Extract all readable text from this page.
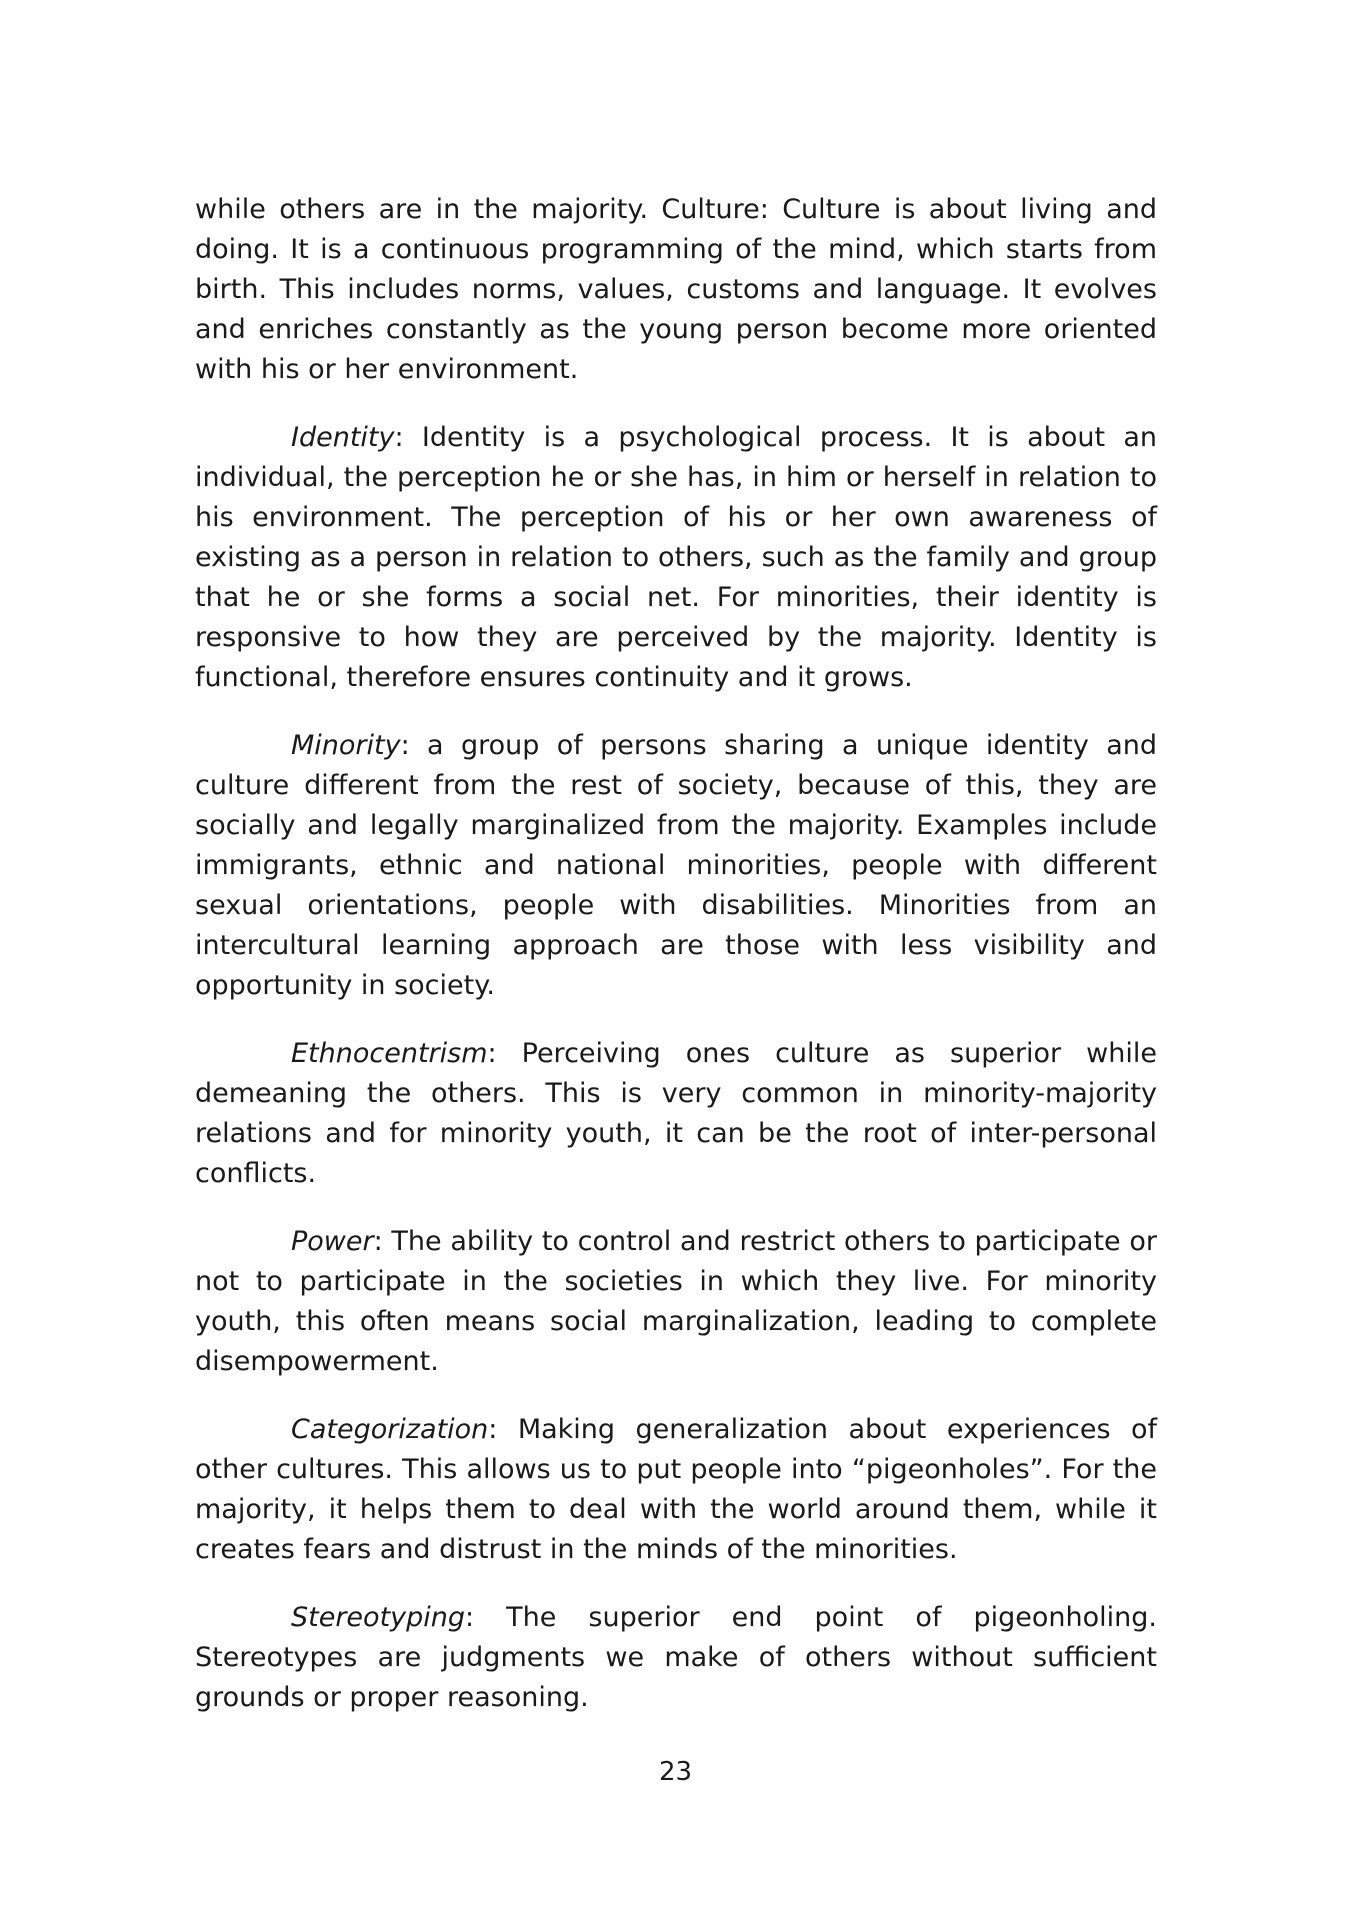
while others are in the majority. Culture: Culture is about living and doing. It is a continuous programming of the mind, which starts from birth. This includes norms, values, customs and language. It evolves and enriches constantly as the young person become more oriented with his or her environment.

Identity: Identity is a psychological process. It is about an individual, the perception he or she has, in him or herself in relation to his environment. The perception of his or her own awareness of existing as a person in relation to others, such as the family and group that he or she forms a social net. For minorities, their identity is responsive to how they are perceived by the majority. Identity is functional, therefore ensures continuity and it grows.

Minority: a group of persons sharing a unique identity and culture different from the rest of society, because of this, they are socially and legally marginalized from the majority. Examples include immigrants, ethnic and national minorities, people with different sexual orientations, people with disabilities. Minorities from an intercultural learning approach are those with less visibility and opportunity in society.

Ethnocentrism: Perceiving ones culture as superior while demeaning the others. This is very common in minority-majority relations and for minority youth, it can be the root of inter-personal conflicts.

Power: The ability to control and restrict others to participate or not to participate in the societies in which they live. For minority youth, this often means social marginalization, leading to complete disempowerment.

Categorization: Making generalization about experiences of other cultures. This allows us to put people into “pigeonholes”. For the majority, it helps them to deal with the world around them, while it creates fears and distrust in the minds of the minorities.

Stereotyping: The superior end point of pigeonholing. Stereotypes are judgments we make of others without sufficient grounds or proper reasoning.

23
